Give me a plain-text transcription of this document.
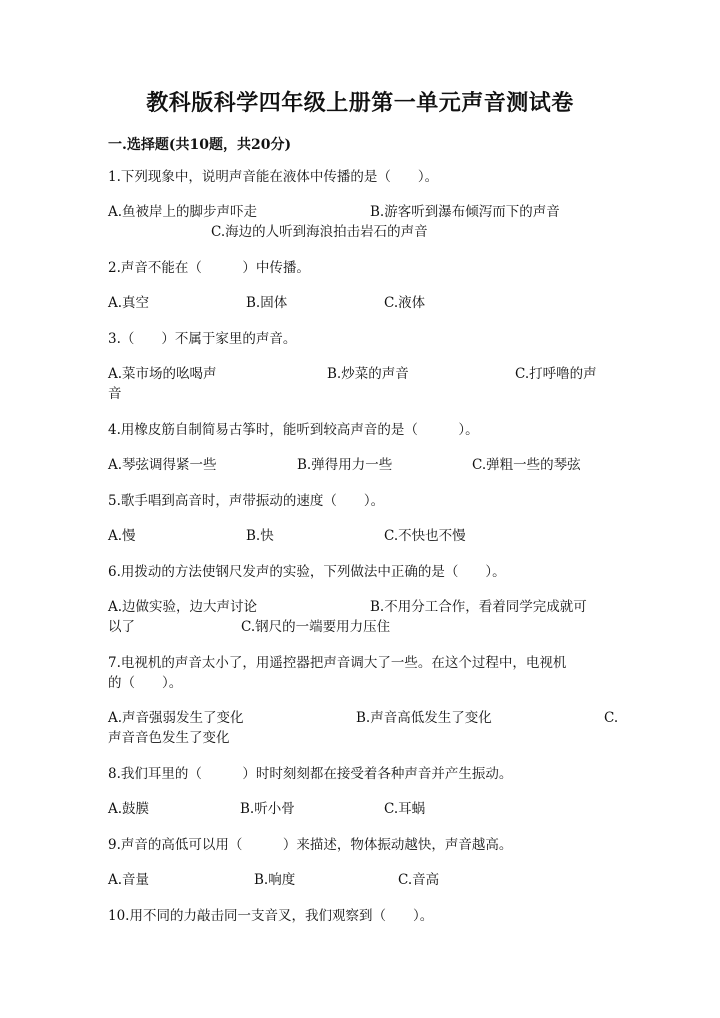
教科版科学四年级上册第一单元声音测试卷
一.选择题(共10题，共20分)
1.下列现象中，说明声音能在液体中传播的是（　　）。
A.鱼被岸上的脚步声吓走	B.游客听到瀑布倾泻而下的声音
C.海边的人听到海浪拍击岩石的声音
2.声音不能在（　　　）中传播。
A.真空	B.固体	C.液体
3.（　　）不属于家里的声音。
A.菜市场的吆喝声	B.炒菜的声音	C.打呼噜的声
音
4.用橡皮筋自制简易古筝时，能听到较高声音的是（　　　）。
A.琴弦调得紧一些	B.弹得用力一些	C.弹粗一些的琴弦
5.歌手唱到高音时，声带振动的速度（　　）。
A.慢	B.快	C.不快也不慢
6.用拨动的方法使钢尺发声的实验，下列做法中正确的是（　　）。
A.边做实验，边大声讨论	B.不用分工合作，看着同学完成就可
以了	C.钢尺的一端要用力压住
7.电视机的声音太小了，用遥控器把声音调大了一些。在这个过程中，电视机
的（　　）。
A.声音强弱发生了变化	B.声音高低发生了变化	C.
声音音色发生了变化
8.我们耳里的（　　　）时时刻刻都在接受着各种声音并产生振动。
A.鼓膜	B.听小骨	C.耳蜗
9.声音的高低可以用（　　　）来描述，物体振动越快，声音越高。
A.音量	B.响度	C.音高
10.用不同的力敲击同一支音叉，我们观察到（　　）。
